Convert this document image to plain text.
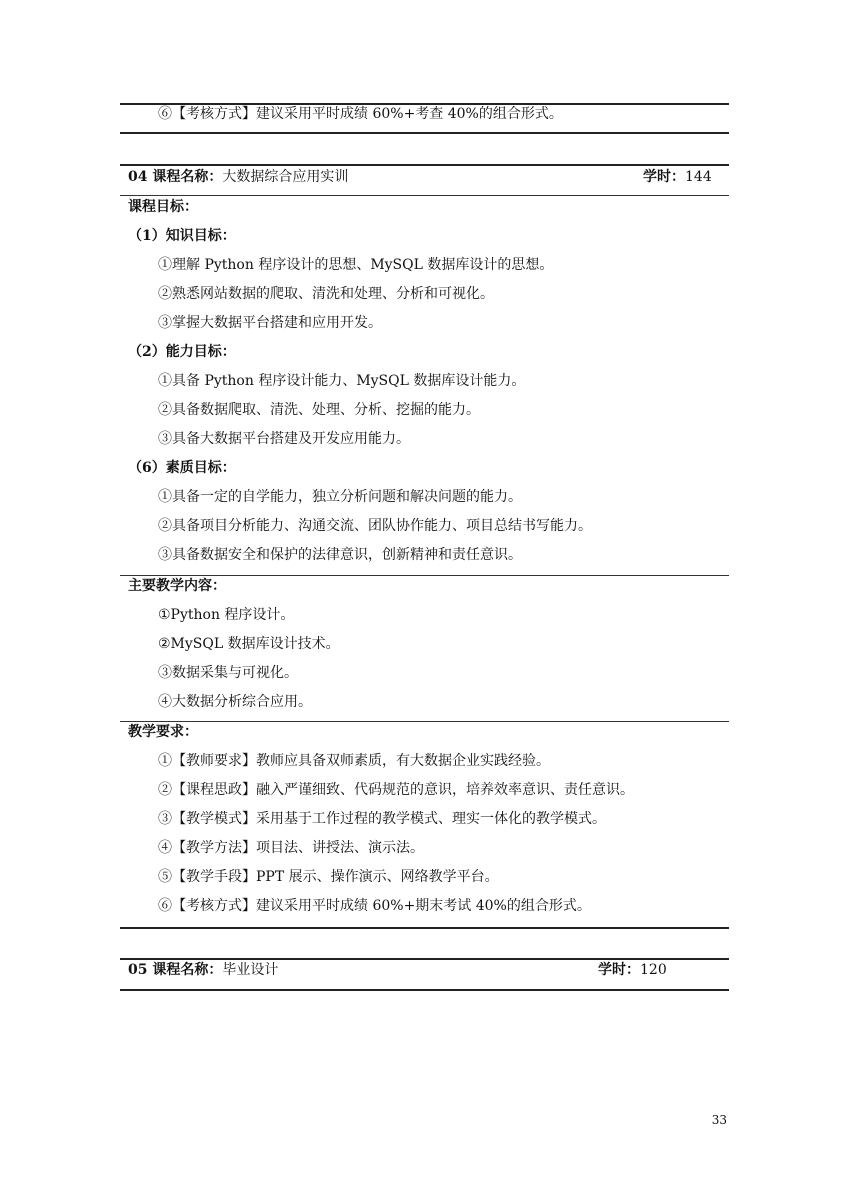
⑥【考核方式】建议采用平时成绩 60%+考查 40%的组合形式。
04 课程名称：大数据综合应用实训	学时：144
课程目标：
（1）知识目标：
①理解 Python 程序设计的思想、MySQL 数据库设计的思想。
②熟悉网站数据的爬取、清洗和处理、分析和可视化。
③掌握大数据平台搭建和应用开发。
（2）能力目标：
①具备 Python 程序设计能力、MySQL 数据库设计能力。
②具备数据爬取、清洗、处理、分析、挖掘的能力。
③具备大数据平台搭建及开发应用能力。
（6）素质目标：
①具备一定的自学能力，独立分析问题和解决问题的能力。
②具备项目分析能力、沟通交流、团队协作能力、项目总结书写能力。
③具备数据安全和保护的法律意识，创新精神和责任意识。
主要教学内容：
①Python 程序设计。
②MySQL 数据库设计技术。
③数据采集与可视化。
④大数据分析综合应用。
教学要求：
①【教师要求】教师应具备双师素质，有大数据企业实践经验。
②【课程思政】融入严谨细致、代码规范的意识，培养效率意识、责任意识。
③【教学模式】采用基于工作过程的教学模式、理实一体化的教学模式。
④【教学方法】项目法、讲授法、演示法。
⑤【教学手段】PPT 展示、操作演示、网络教学平台。
⑥【考核方式】建议采用平时成绩 60%+期末考试 40%的组合形式。
05 课程名称：毕业设计	学时：120
33
